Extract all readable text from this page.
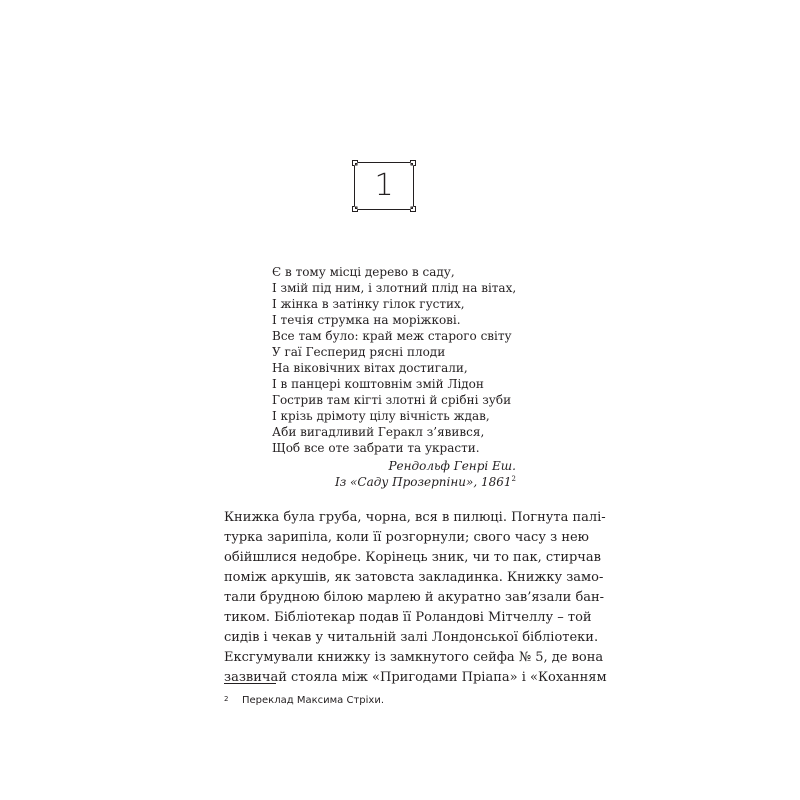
1
Є в тому місці дерево в саду,
І змій під ним, і злотний плід на вітах,
І жінка в затінку гілок густих,
І течія струмка на моріжкові.
Все там було: край меж старого світу
У гаї Гесперид рясні плоди
На віковічних вітах достигали,
І в панцері коштовнім змій Лідон
Гострив там кігті злотні й срібні зуби
І крізь дрімоту цілу вічність ждав,
Аби вигадливий Геракл з’явився,
Щоб все оте забрати та украсти.
Рендольф Генрі Еш.
Із «Саду Прозерпіни», 1861$^2$
Книжка була груба, чорна, вся в пилюці. Погнута палі-
турка зарипіла, коли її розгорнули; свого часу з нею
обійшлися недобре. Корінець зник, чи то пак, стирчав
поміж аркушів, як затовста закладинка. Книжку замо-
тали брудною білою марлею й акуратно зав’язали бан-
тиком. Бібліотекар подав її Роландові Мітчеллу – той
сидів і чекав у читальній залі Лондонської бібліотеки.
Ексгумували книжку із замкнутого сейфа № 5, де вона
зазвичай стояла між «Пригодами Пріапа» і «Коханням
2 Переклад Максима Стріхи.
